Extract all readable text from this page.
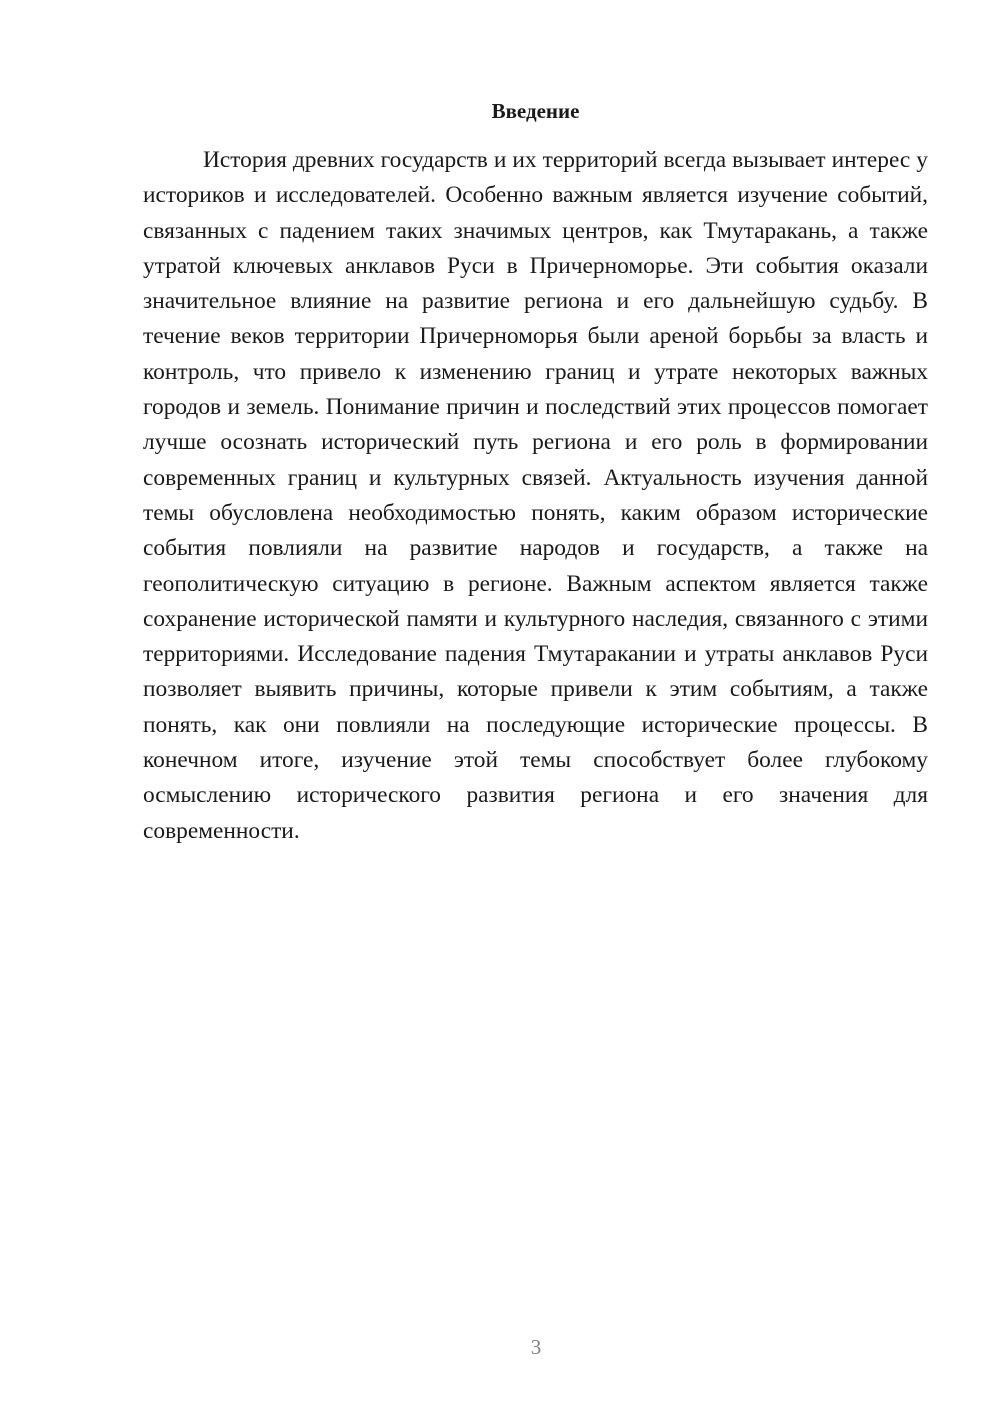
Введение

История древних государств и их территорий всегда вызывает интерес у историков и исследователей. Особенно важным является изучение событий, связанных с падением таких значимых центров, как Тмутаракань, а также утратой ключевых анклавов Руси в Причерноморье. Эти события оказали значительное влияние на развитие региона и его дальнейшую судьбу. В течение веков территории Причерноморья были ареной борьбы за власть и контроль, что привело к изменению границ и утрате некоторых важных городов и земель. Понимание причин и последствий этих процессов помогает лучше осознать исторический путь региона и его роль в формировании современных границ и культурных связей. Актуальность изучения данной темы обусловлена необходимостью понять, каким образом исторические события повлияли на развитие народов и государств, а также на геополитическую ситуацию в регионе. Важным аспектом является также сохранение исторической памяти и культурного наследия, связанного с этими территориями. Исследование падения Тмутаракании и утраты анклавов Руси позволяет выявить причины, которые привели к этим событиям, а также понять, как они повлияли на последующие исторические процессы. В конечном итоге, изучение этой темы способствует более глубокому осмыслению исторического развития региона и его значения для современности.

3
